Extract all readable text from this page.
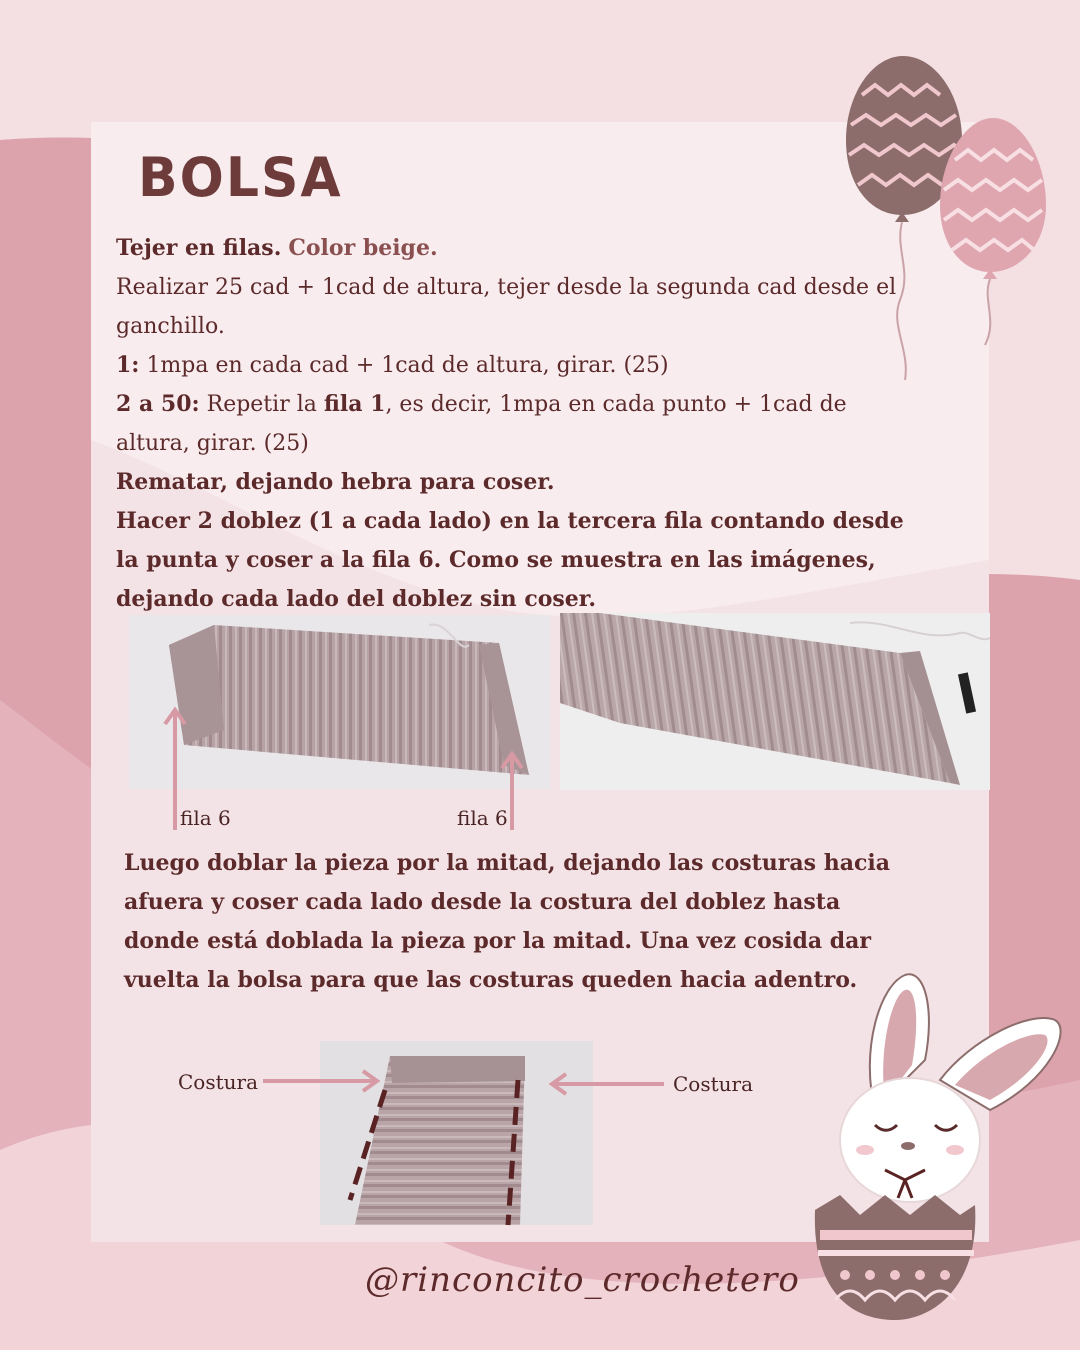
BOLSA

Tejer en filas. Color beige.
Realizar 25 cad + 1cad de altura, tejer desde la segunda cad desde el ganchillo.
1: 1mpa en cada cad + 1cad de altura, girar. (25)
2 a 50: Repetir la fila 1, es decir, 1mpa en cada punto + 1cad de altura, girar. (25)
Rematar, dejando hebra para coser.
Hacer 2 doblez (1 a cada lado) en la tercera fila contando desde la punta y coser a la fila 6. Como se muestra en las imágenes, dejando cada lado del doblez sin coser.

fila 6	fila 6

Luego doblar la pieza por la mitad, dejando las costuras hacia afuera y coser cada lado desde la costura del doblez hasta donde está doblada la pieza por la mitad. Una vez cosida dar vuelta la bolsa para que las costuras queden hacia adentro.

Costura	Costura

@rinconcito_crochetero
